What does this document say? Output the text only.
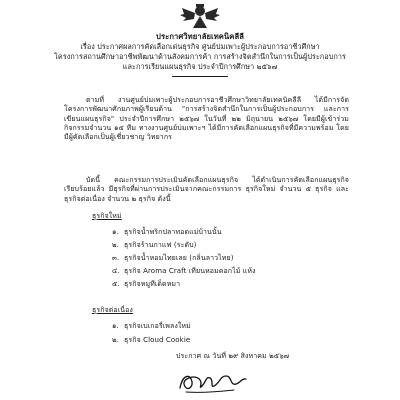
ประกาศวิทยาลัยเทคนิคลีลี
เรื่อง ประกาศผลการคัดเลือกเด่นธุรกิจ ศูนย์บ่มเพาะผู้ประกอบการอาชีวศึกษา
โครงการสถานศึกษาอาชีพพัฒนาด้านสังคมการค้า การสร้างจิตสำนึกในการเป็นผู้ประกอบการ
และการเรียนแผนธุรกิจ ประจำปีการศึกษา ๒๕๖๗
ตามที่ งานศูนย์บ่มเพาะผู้ประกอบการอาชีวศึกษาวิทยาลัยเทคนิคลีลี ได้มีการจัดโครงการพัฒนาศักยภาพผู้เรียนด้าน "การสร้างจิตสำนึกในการเป็นผู้ประกอบการ และการเขียนแผนธุรกิจ" ประจำปีการศึกษา ๒๕๖๗ ในวันที่ ๒๒ มิถุนายน ๒๕๖๗ โดยมีผู้เข้าร่วมกิจกรรมจำนวน ๑๕ ทีม ทางงานศูนย์บ่มเพาะฯ ได้มีการคัดเลือกแผนธุรกิจที่มีความพร้อม โดยมีผู้คัดเลือกเป็นผู้เชี่ยวชาญ วิทยากร
บัดนี้ คณะกรรมการประเมินคัดเลือกแผนธุรกิจ ได้ดำเนินการคัดเลือกแผนธุรกิจเรียบร้อยแล้ว มีธุรกิจที่ผ่านการประเมินจากคณะกรรมการ ธุรกิจใหม่ จำนวน ๕ ธุรกิจ และ ธุรกิจต่อเนื่อง จำนวน ๒ ธุรกิจ ดังนี้
ธุรกิจใหม่
๑. ธุรกิจน้ำพริกปลาทอดแม่บ้านนั้น
๒. ธุรกิจร้านกาแฟ (ระดับ)
๓. ธุรกิจน้ำหอมไทยเลย (กลิ่นลาวไทย)
๔. ธุรกิจ Aroma Craft เทียนหอมดอกไม้ แห้ง
๕. ธุรกิจหมูทีเด็ดหมา
ธุรกิจต่อเนื่อง
๑. ธุรกิจเบเกอรี่เพลงใหม่
๒. ธุรกิจ Cloud Cookie
ประกาศ ณ วันที่ ๒๙ สิงหาคม ๒๕๖๗
